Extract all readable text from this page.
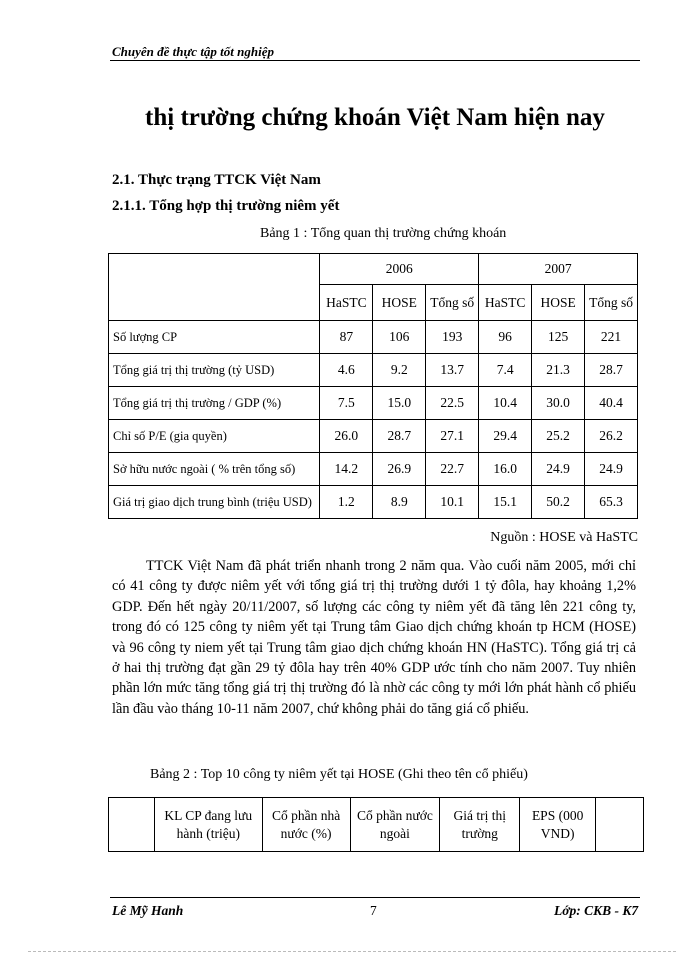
Chuyên đề thực tập tốt nghiệp
thị trường chứng khoán Việt Nam hiện nay
2.1. Thực trạng TTCK Việt Nam
2.1.1. Tổng hợp thị trường niêm yết
Bảng 1 : Tổng quan thị trường chứng khoán
	2006			2007		
	HaSTC	HOSE	Tổng số	HaSTC	HOSE	Tổng số
Số lượng CP	87	106	193	96	125	221
Tổng giá trị thị trường (tỷ USD)	4.6	9.2	13.7	7.4	21.3	28.7
Tổng giá trị thị trường / GDP (%)	7.5	15.0	22.5	10.4	30.0	40.4
Chỉ số P/E (gia quyền)	26.0	28.7	27.1	29.4	25.2	26.2
Sở hữu nước ngoài ( % trên tổng số)	14.2	26.9	22.7	16.0	24.9	24.9
Giá trị giao dịch trung bình (triệu USD)	1.2	8.9	10.1	15.1	50.2	65.3
Nguồn : HOSE và HaSTC

TTCK Việt Nam đã phát triển nhanh trong 2 năm qua. Vào cuối năm 2005, mới chỉ có 41 công ty được niêm yết với tổng giá trị thị trường dưới 1 tỷ đôla, hay khoảng 1,2% GDP. Đến hết ngày 20/11/2007, số lượng các công ty niêm yết đã tăng lên 221 công ty, trong đó có 125 công ty niêm yết tại Trung tâm Giao dịch chứng khoán tp HCM (HOSE) và 96 công ty niem yết tại Trung tâm giao dịch chứng khoán HN (HaSTC). Tổng giá trị cả ở hai thị trường đạt gần 29 tỷ đôla hay trên 40% GDP ước tính cho năm 2007. Tuy nhiên phần lớn mức tăng tổng giá trị thị trường đó là nhờ các công ty mới lớn phát hành cổ phiếu lần đầu vào tháng 10-11 năm 2007, chứ không phải do tăng giá cổ phiếu.

Bảng 2 : Top 10 công ty niêm yết tại HOSE (Ghi theo tên cổ phiếu)
	KL CP đang lưu hành (triệu)	Cổ phần nhà nước (%)	Cổ phần nước ngoài	Giá trị thị trường	EPS (000 VND)	
Lê Mỹ Hanh	7	Lớp: CKB - K7
